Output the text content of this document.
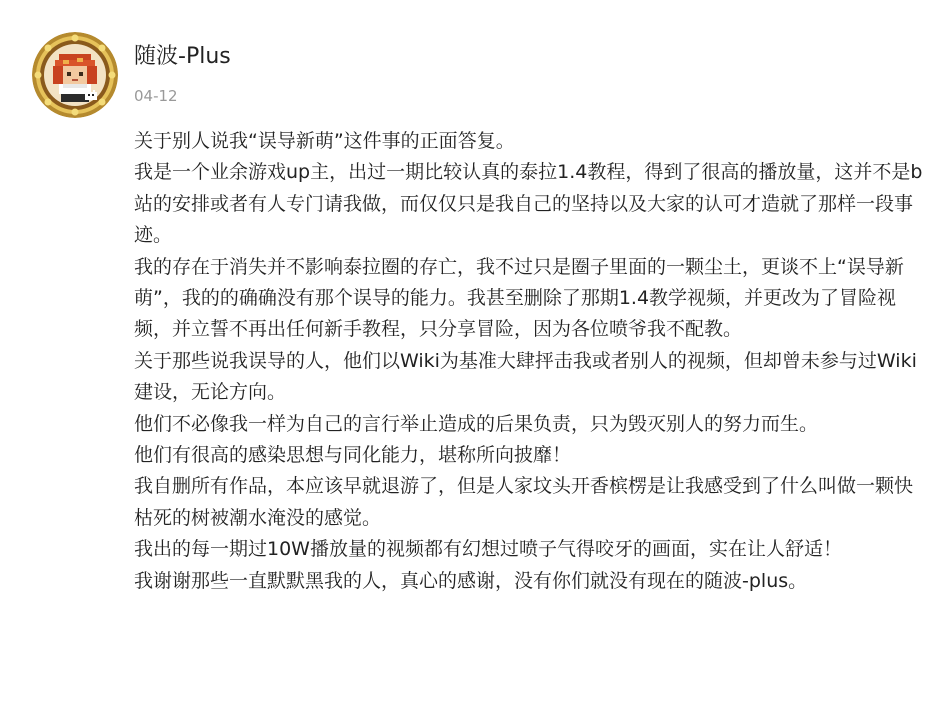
随波-Plus
04-12

关于别人说我“误导新萌”这件事的正面答复。

我是一个业余游戏up主，出过一期比较认真的泰拉1.4教程，得到了很高的播放量，这并不是b站的安排或者有人专门请我做，而仅仅只是我自己的坚持以及大家的认可才造就了那样一段事迹。

我的存在于消失并不影响泰拉圈的存亡，我不过只是圈子里面的一颗尘土，更谈不上“误导新萌”，我的的确确没有那个误导的能力。我甚至删除了那期1.4教学视频，并更改为了冒险视频，并立誓不再出任何新手教程，只分享冒险，因为各位喷爷我不配教。

关于那些说我误导的人，他们以Wiki为基准大肆抨击我或者别人的视频，但却曾未参与过Wiki建设，无论方向。

他们不必像我一样为自己的言行举止造成的后果负责，只为毁灭别人的努力而生。

他们有很高的感染思想与同化能力，堪称所向披靡！

我自删所有作品，本应该早就退游了，但是人家坟头开香槟楞是让我感受到了什么叫做一颗快枯死的树被潮水淹没的感觉。

我出的每一期过10W播放量的视频都有幻想过喷子气得咬牙的画面，实在让人舒适！

我谢谢那些一直默默黑我的人，真心的感谢，没有你们就没有现在的随波-plus。
